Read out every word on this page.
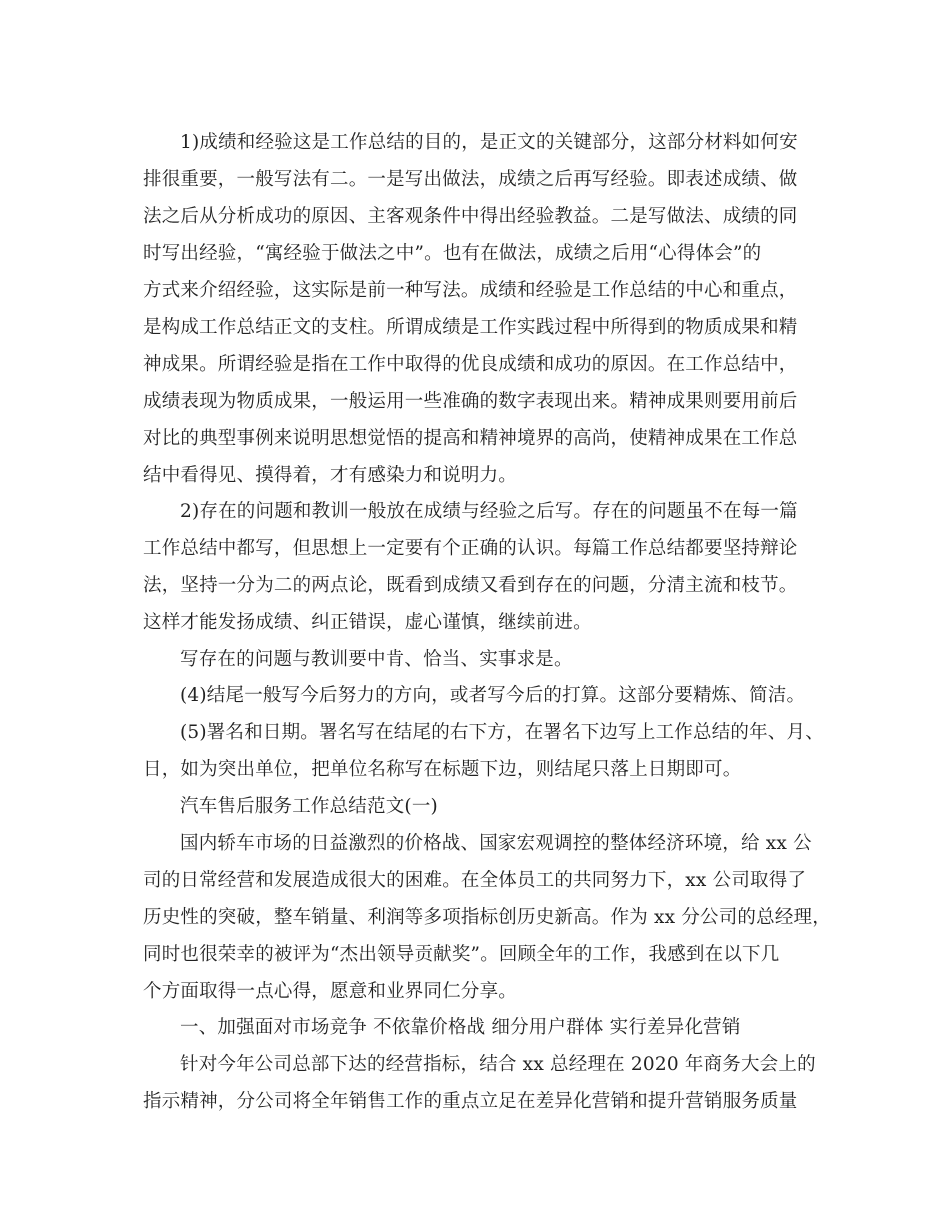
1)成绩和经验这是工作总结的目的，是正文的关键部分，这部分材料如何安
排很重要，一般写法有二。一是写出做法，成绩之后再写经验。即表述成绩、做
法之后从分析成功的原因、主客观条件中得出经验教益。二是写做法、成绩的同
时写出经验，“寓经验于做法之中”。也有在做法，成绩之后用“心得体会”的
方式来介绍经验，这实际是前一种写法。成绩和经验是工作总结的中心和重点，
是构成工作总结正文的支柱。所谓成绩是工作实践过程中所得到的物质成果和精
神成果。所谓经验是指在工作中取得的优良成绩和成功的原因。在工作总结中，
成绩表现为物质成果，一般运用一些准确的数字表现出来。精神成果则要用前后
对比的典型事例来说明思想觉悟的提高和精神境界的高尚，使精神成果在工作总
结中看得见、摸得着，才有感染力和说明力。
2)存在的问题和教训一般放在成绩与经验之后写。存在的问题虽不在每一篇
工作总结中都写，但思想上一定要有个正确的认识。每篇工作总结都要坚持辩论
法，坚持一分为二的两点论，既看到成绩又看到存在的问题，分清主流和枝节。
这样才能发扬成绩、纠正错误，虚心谨慎，继续前进。
写存在的问题与教训要中肯、恰当、实事求是。
(4)结尾一般写今后努力的方向，或者写今后的打算。这部分要精炼、简洁。
(5)署名和日期。署名写在结尾的右下方，在署名下边写上工作总结的年、月、
日，如为突出单位，把单位名称写在标题下边，则结尾只落上日期即可。
汽车售后服务工作总结范文(一)
国内轿车市场的日益激烈的价格战、国家宏观调控的整体经济环境，给 xx 公
司的日常经营和发展造成很大的困难。在全体员工的共同努力下，xx 公司取得了
历史性的突破，整车销量、利润等多项指标创历史新高。作为 xx 分公司的总经理，
同时也很荣幸的被评为“杰出领导贡献奖”。回顾全年的工作，我感到在以下几
个方面取得一点心得，愿意和业界同仁分享。
一、加强面对市场竞争 不依靠价格战 细分用户群体 实行差异化营销
针对今年公司总部下达的经营指标，结合 xx 总经理在 2020 年商务大会上的
指示精神，分公司将全年销售工作的重点立足在差异化营销和提升营销服务质量
